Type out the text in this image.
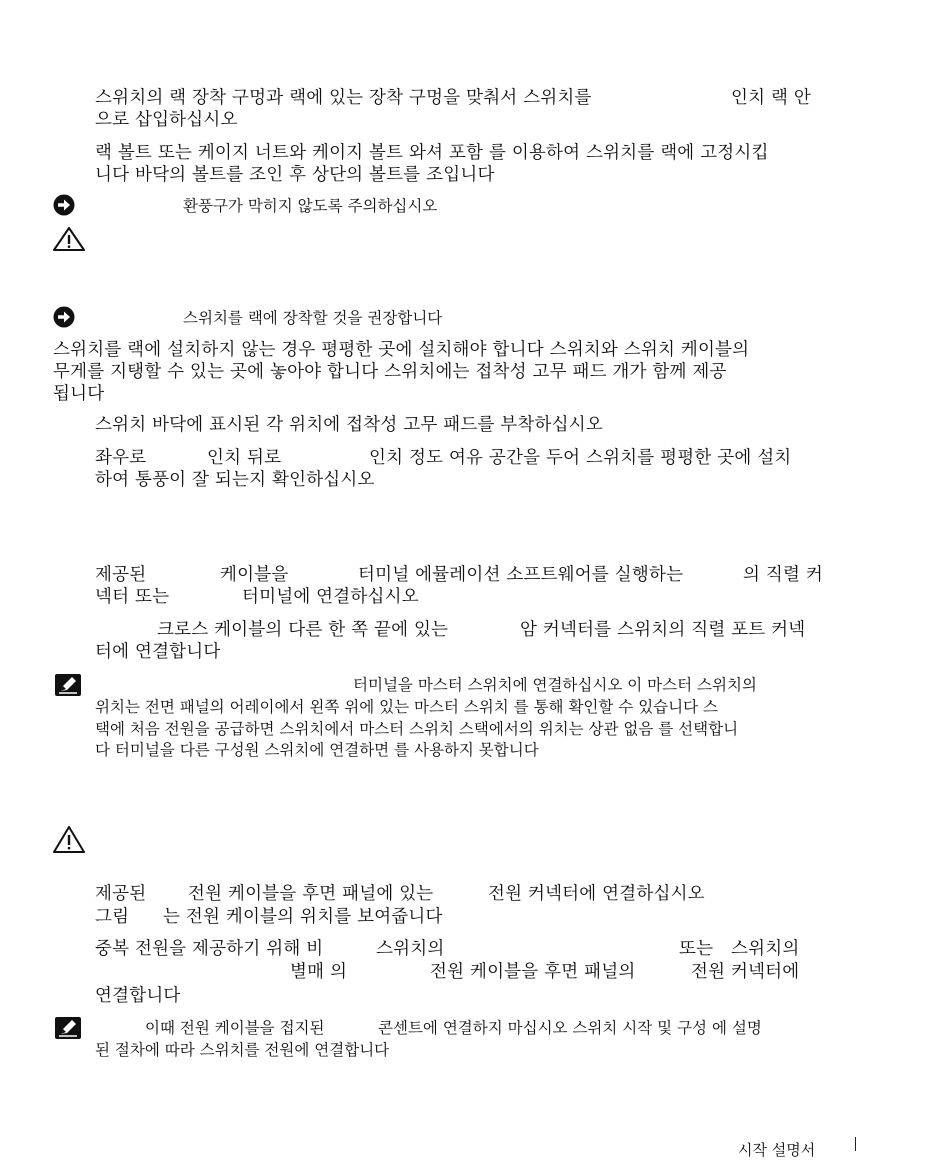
스위치의 랙 장착 구멍과 랙에 있는 장착 구멍을 맞춰서 스위치를	인치 랙 안
으로 삽입하십시오
랙 볼트 또는 케이지 너트와 케이지 볼트 와셔 포함 를 이용하여 스위치를 랙에 고정시킵
니다 바닥의 볼트를 조인 후 상단의 볼트를 조입니다
환풍구가 막히지 않도록 주의하십시오
스위치를 랙에 장착할 것을 권장합니다
스위치를 랙에 설치하지 않는 경우 평평한 곳에 설치해야 합니다 스위치와 스위치 케이블의
무게를 지탱할 수 있는 곳에 놓아야 합니다 스위치에는 접착성 고무 패드 개가 함께 제공
됩니다
스위치 바닥에 표시된 각 위치에 접착성 고무 패드를 부착하십시오
좌우로	인치 뒤로	인치 정도 여유 공간을 두어 스위치를 평평한 곳에 설치
하여 통풍이 잘 되는지 확인하십시오
제공된	케이블을	터미널 에뮬레이션 소프트웨어를 실행하는	의 직렬 커
넥터 또는	터미널에 연결하십시오
크로스 케이블의 다른 한 쪽 끝에 있는	암 커넥터를 스위치의 직렬 포트 커넥
터에 연결합니다
터미널을 마스터 스위치에 연결하십시오 이 마스터 스위치의
위치는 전면 패널의 어레이에서 왼쪽 위에 있는 마스터 스위치 를 통해 확인할 수 있습니다 스
택에 처음 전원을 공급하면 스위치에서 마스터 스위치 스택에서의 위치는 상관 없음 를 선택합니
다 터미널을 다른 구성원 스위치에 연결하면 를 사용하지 못합니다
제공된 전원 케이블을 후면 패널에 있는	전원 커넥터에 연결하십시오
그림 는 전원 케이블의 위치를 보여줍니다
중복 전원을 제공하기 위해 비	스위치의	또는 스위치의
별매 의	전원 케이블을 후면 패널의	전원 커넥터에
연결합니다
이때 전원 케이블을 접지된	콘센트에 연결하지 마십시오 스위치 시작 및 구성 에 설명
된 절차에 따라 스위치를 전원에 연결합니다
시작 설명서
